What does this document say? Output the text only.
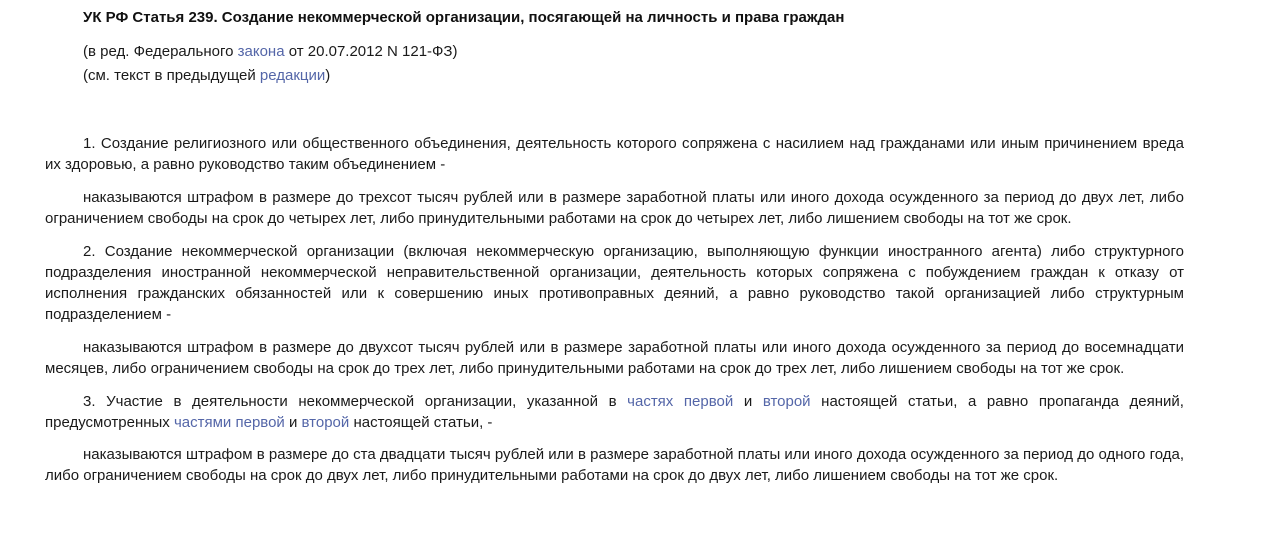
УК РФ Статья 239. Создание некоммерческой организации, посягающей на личность и права граждан
(в ред. Федерального закона от 20.07.2012 N 121-ФЗ)
(см. текст в предыдущей редакции)

1. Создание религиозного или общественного объединения, деятельность которого сопряжена с насилием над гражданами или иным причинением вреда их здоровью, а равно руководство таким объединением -

наказываются штрафом в размере до трехсот тысяч рублей или в размере заработной платы или иного дохода осужденного за период до двух лет, либо ограничением свободы на срок до четырех лет, либо принудительными работами на срок до четырех лет, либо лишением свободы на тот же срок.

2. Создание некоммерческой организации (включая некоммерческую организацию, выполняющую функции иностранного агента) либо структурного подразделения иностранной некоммерческой неправительственной организации, деятельность которых сопряжена с побуждением граждан к отказу от исполнения гражданских обязанностей или к совершению иных противоправных деяний, а равно руководство такой организацией либо структурным подразделением -

наказываются штрафом в размере до двухсот тысяч рублей или в размере заработной платы или иного дохода осужденного за период до восемнадцати месяцев, либо ограничением свободы на срок до трех лет, либо принудительными работами на срок до трех лет, либо лишением свободы на тот же срок.

3. Участие в деятельности некоммерческой организации, указанной в частях первой и второй настоящей статьи, а равно пропаганда деяний, предусмотренных частями первой и второй настоящей статьи, -

наказываются штрафом в размере до ста двадцати тысяч рублей или в размере заработной платы или иного дохода осужденного за период до одного года, либо ограничением свободы на срок до двух лет, либо принудительными работами на срок до двух лет, либо лишением свободы на тот же срок.
